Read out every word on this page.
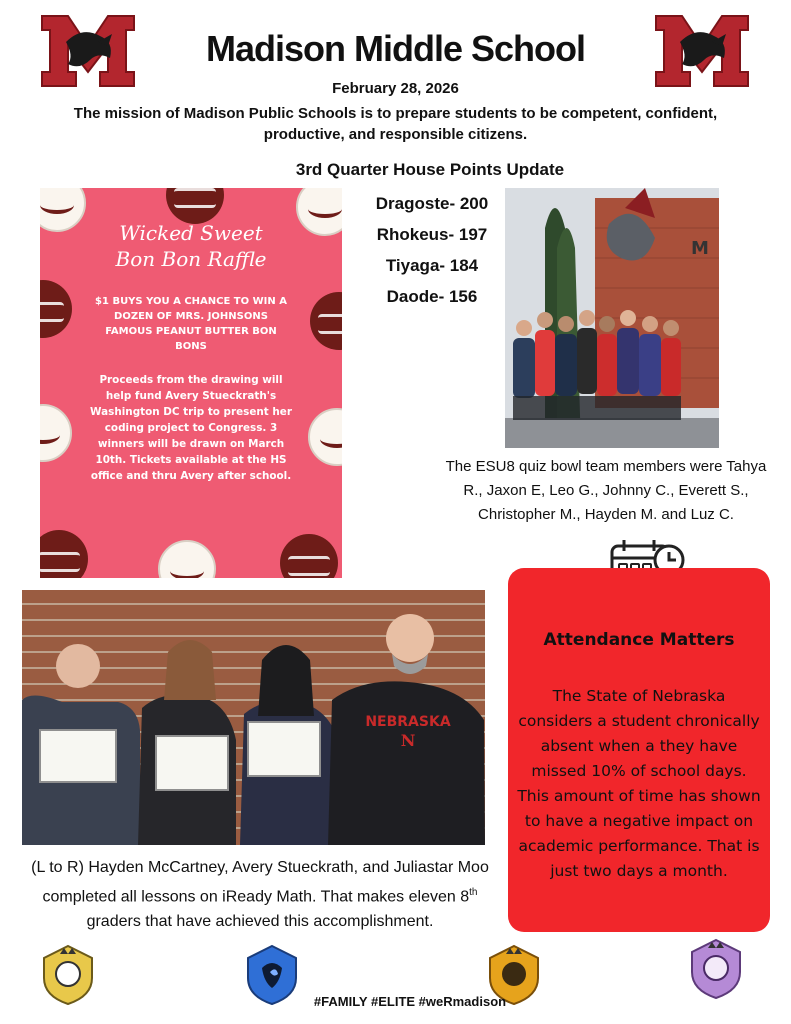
Madison Middle School
February 28, 2026
The mission of Madison Public Schools is to prepare students to be competent, confident, productive, and responsible citizens.
3rd Quarter House Points Update
Dragoste- 200
Rhokeus- 197
Tiyaga- 184
Daode- 156
Wicked Sweet
Bon Bon Raffle
$1 BUYS YOU A CHANCE TO WIN A DOZEN OF MRS. JOHNSONS FAMOUS PEANUT BUTTER BON BONS
Proceeds from the drawing will help fund Avery Stueckrath's Washington DC trip to present her coding project to Congress. 3 winners will be drawn on March 10th. Tickets available at the HS office and thru Avery after school.
M
The ESU8 quiz bowl team members were Tahya R., Jaxon E, Leo G., Johnny C., Everett S., Christopher M., Hayden M. and Luz C.
Attendance Matters
The State of Nebraska considers a student chronically absent when a they have missed 10% of school days. This amount of time has shown to have a negative impact on academic performance. That is just two days a month.
NEBRASKA
N
(L to R) Hayden McCartney, Avery Stueckrath, and Juliastar Moo completed all lessons on iReady Math. That makes eleven 8th graders that have achieved this accomplishment.
#FAMILY #ELITE #weRmadison
